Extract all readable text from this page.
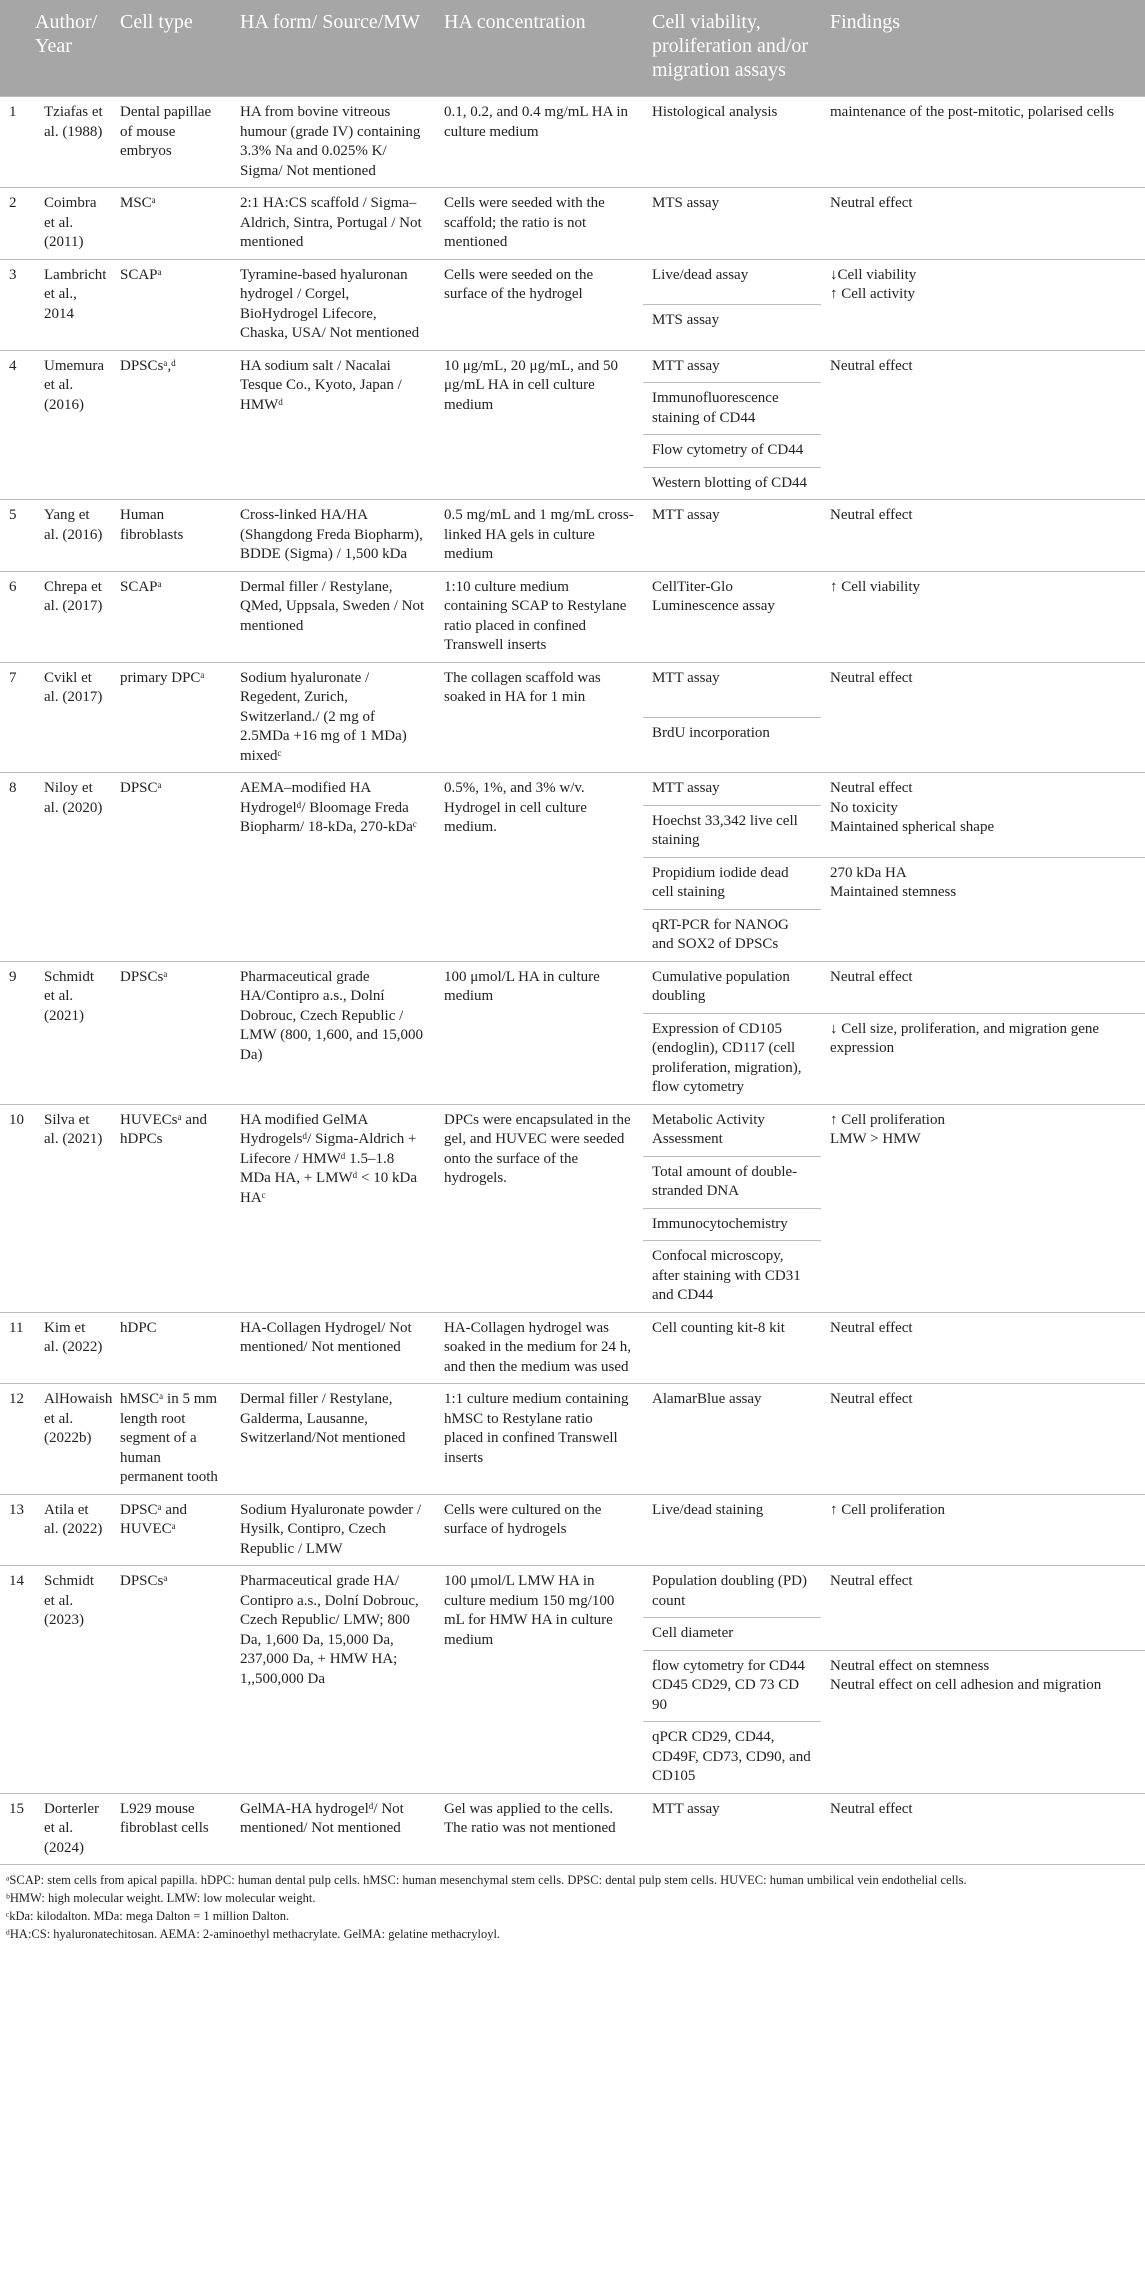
	Author/ Year	Cell type	HA form/ Source/MW	HA concentration	Cell viability, proliferation and/or migration assays	Findings
1	Tziafas et al. (1988)	Dental papillae of mouse embryos	HA from bovine vitreous humour (grade IV) containing 3.3% Na and 0.025% K/ Sigma/ Not mentioned	0.1, 0.2, and 0.4 mg/mL HA in culture medium	Histological analysis	maintenance of the post-mitotic, polarised cells

2	Coimbra et al. (2011)	MSCᵃ	2:1 HA:CS scaffold / Sigma–Aldrich, Sintra, Portugal / Not mentioned	Cells were seeded with the scaffold; the ratio is not mentioned	MTS assay	Neutral effect

3	Lambricht et al., 2014	SCAPᵃ	Tyramine-based hyaluronan hydrogel / Corgel, BioHydrogel Lifecore, Chaska, USA/ Not mentioned	Cells were seeded on the surface of the hydrogel	Live/dead assay	↓Cell viability
↑ Cell activity

					MTS assay	
4	Umemura et al. (2016)	DPSCsᵃ,ᵈ	HA sodium salt / Nacalai Tesque Co., Kyoto, Japan / HMWᵈ	10 μg/mL, 20 μg/mL, and 50 μg/mL HA in cell culture medium	MTT assay	Neutral effect

					Immunofluorescence staining of CD44	
					Flow cytometry of CD44	
					Western blotting of CD44	
5	Yang et al. (2016)	Human fibroblasts	Cross-linked HA/HA (Shangdong Freda Biopharm), BDDE (Sigma) / 1,500 kDa	0.5 mg/mL and 1 mg/mL cross-linked HA gels in culture medium	MTT assay	Neutral effect

6	Chrepa et al. (2017)	SCAPᵃ	Dermal filler / Restylane, QMed, Uppsala, Sweden / Not mentioned	1:10 culture medium containing SCAP to Restylane ratio placed in confined Transwell inserts	CellTiter-Glo Luminescence assay	↑ Cell viability

7	Cvikl et al. (2017)	primary DPCᵃ	Sodium hyaluronate / Regedent, Zurich, Switzerland./ (2 mg of 2.5MDa +16 mg of 1 MDa) mixedᶜ	The collagen scaffold was soaked in HA for 1 min	MTT assay	Neutral effect

					BrdU incorporation	
8	Niloy et al. (2020)	DPSCᵃ	AEMA–modified HA Hydrogelᵈ/ Bloomage Freda Biopharm/ 18-kDa, 270-kDaᶜ	0.5%, 1%, and 3% w/v. Hydrogel in cell culture medium.	MTT assay	Neutral effect
No toxicity
Maintained spherical shape

					Hoechst 33,342 live cell staining	
					Propidium iodide dead cell staining	270 kDa HA
Maintained stemness

					qRT-PCR for NANOG and SOX2 of DPSCs	
9	Schmidt et al. (2021)	DPSCsᵃ	Pharmaceutical grade HA/Contipro a.s., Dolní Dobrouc, Czech Republic / LMW (800, 1,600, and 15,000 Da)	100 μmol/L HA in culture medium	Cumulative population doubling	Neutral effect

					Expression of CD105 (endoglin), CD117 (cell proliferation, migration), flow cytometry	↓ Cell size, proliferation, and migration gene expression

10	Silva et al. (2021)	HUVECsᵃ and hDPCs	HA modified GelMA Hydrogelsᵈ/ Sigma-Aldrich + Lifecore / HMWᵈ 1.5–1.8 MDa HA, + LMWᵈ < 10 kDa HAᶜ	DPCs were encapsulated in the gel, and HUVEC were seeded onto the surface of the hydrogels.	Metabolic Activity Assessment	↑ Cell proliferation
LMW ˃ HMW

					Total amount of double-stranded DNA	
					Immunocytochemistry	
					Confocal microscopy, after staining with CD31 and CD44	
11	Kim et al. (2022)	hDPC	HA-Collagen Hydrogel/ Not mentioned/ Not mentioned	HA-Collagen hydrogel was soaked in the medium for 24 h, and then the medium was used	Cell counting kit-8 kit	Neutral effect

12	AlHowaish et al. (2022b)	hMSCᵃ in 5 mm length root segment of a human permanent tooth	Dermal filler / Restylane, Galderma, Lausanne, Switzerland/Not mentioned	1:1 culture medium containing hMSC to Restylane ratio placed in confined Transwell inserts	AlamarBlue assay	Neutral effect

13	Atila et al. (2022)	DPSCᵃ and HUVECᵃ	Sodium Hyaluronate powder / Hysilk, Contipro, Czech Republic / LMW	Cells were cultured on the surface of hydrogels	Live/dead staining	↑ Cell proliferation

14	Schmidt et al. (2023)	DPSCsᵃ	Pharmaceutical grade HA/ Contipro a.s., Dolní Dobrouc, Czech Republic/ LMW; 800 Da, 1,600 Da, 15,000 Da, 237,000 Da, + HMW HA; 1,,500,000 Da	100 μmol/L LMW HA in culture medium 150 mg/100 mL for HMW HA in culture medium	Population doubling (PD) count	Neutral effect

					Cell diameter	
					flow cytometry for CD44 CD45 CD29, CD 73 CD 90	Neutral effect on stemness
Neutral effect on cell adhesion and migration

					qPCR CD29, CD44, CD49F, CD73, CD90, and CD105	
15	Dorterler et al. (2024)	L929 mouse fibroblast cells	GelMA-HA hydrogelᵈ/ Not mentioned/ Not mentioned	Gel was applied to the cells. The ratio was not mentioned	MTT assay	Neutral effect
ᵃSCAP: stem cells from apical papilla. hDPC: human dental pulp cells. hMSC: human mesenchymal stem cells. DPSC: dental pulp stem cells. HUVEC: human umbilical vein endothelial cells.
ᵇHMW: high molecular weight. LMW: low molecular weight.
ᶜkDa: kilodalton. MDa: mega Dalton = 1 million Dalton.
ᵈHA:CS: hyaluronatechitosan. AEMA: 2-aminoethyl methacrylate. GelMA: gelatine methacryloyl.
